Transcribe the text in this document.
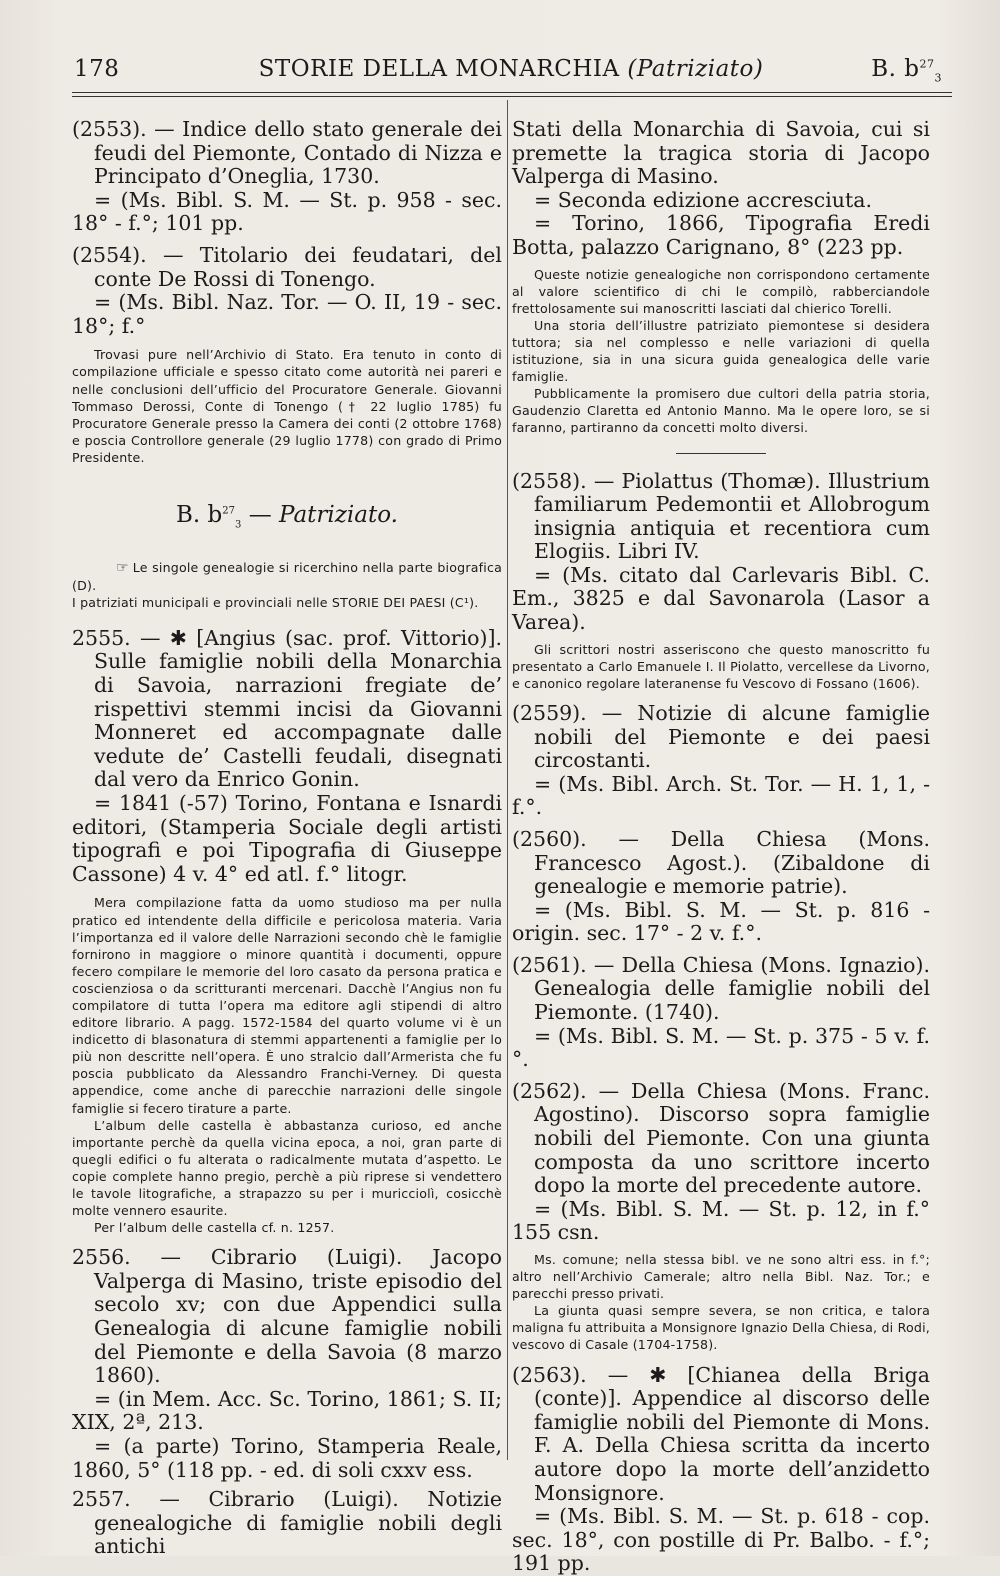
178	STORIE DELLA MONARCHIA (Patriziato)	B. $b^{27}_3$

(2553). — Indice dello stato generale dei feudi del Piemonte, Contado di Nizza e Principato d’Oneglia, 1730.

= (Ms. Bibl. S. M. — St. p. 958 - sec. 18° - f.°; 101 pp.

(2554). — Titolario dei feudatari, del conte De Rossi di Tonengo.

= (Ms. Bibl. Naz. Tor. — O. II, 19 - sec. 18°; f.°

Trovasi pure nell’Archivio di Stato. Era tenuto in conto di compilazione ufficiale e spesso citato come autorità nei pareri e nelle conclusioni dell’ufficio del Procuratore Generale. Giovanni Tommaso Derossi, Conte di Tonengo († 22 luglio 1785) fu Procuratore Generale presso la Camera dei conti (2 ottobre 1768) e poscia Controllore generale (29 luglio 1778) con grado di Primo Presidente.

B. $b^{27}_3$ — Patriziato.

☞ Le singole genealogie si ricerchino nella parte biografica (D).

I patriziati municipali e provinciali nelle STORIE DEI PAESI (C¹).

2555. — ✱ [Angius (sac. prof. Vittorio)]. Sulle famiglie nobili della Monarchia di Savoia, narrazioni fregiate de’ rispettivi stemmi incisi da Giovanni Monneret ed accompagnate dalle vedute de’ Castelli feudali, disegnati dal vero da Enrico Gonin.

= 1841 (-57) Torino, Fontana e Isnardi editori, (Stamperia Sociale degli artisti tipografi e poi Tipografia di Giuseppe Cassone) 4 v. 4° ed atl. f.° litogr.

Mera compilazione fatta da uomo studioso ma per nulla pratico ed intendente della difficile e pericolosa materia. Varia l’importanza ed il valore delle Narrazioni secondo chè le famiglie fornirono in maggiore o minore quantità i documenti, oppure fecero compilare le memorie del loro casato da persona pratica e coscienziosa o da scritturanti mercenari. Dacchè l’Angius non fu compilatore di tutta l’opera ma editore agli stipendi di altro editore librario. A pagg. 1572-1584 del quarto volume vi è un indicetto di blasonatura di stemmi appartenenti a famiglie per lo più non descritte nell’opera. È uno stralcio dall’Armerista che fu poscia pubblicato da Alessandro Franchi-Verney. Di questa appendice, come anche di parecchie narrazioni delle singole famiglie si fecero tirature a parte.

L’album delle castella è abbastanza curioso, ed anche importante perchè da quella vicina epoca, a noi, gran parte di quegli edifici o fu alterata o radicalmente mutata d’aspetto. Le copie complete hanno pregio, perchè a più riprese si vendettero le tavole litografiche, a strapazzo su per i muricciolì, cosicchè molte vennero esaurite.

Per l’album delle castella cf. n. 1257.

2556. — Cibrario (Luigi). Jacopo Valperga di Masino, triste episodio del secolo xv; con due Appendici sulla Genealogia di alcune famiglie nobili del Piemonte e della Savoia (8 marzo 1860).

= (in Mem. Acc. Sc. Torino, 1861; S. II; XIX, 2ª, 213.

= (a parte) Torino, Stamperia Reale, 1860, 5° (118 pp. - ed. di soli cxxv ess.

2557. — Cibrario (Luigi). Notizie genealogiche di famiglie nobili degli antichi

Stati della Monarchia di Savoia, cui si premette la tragica storia di Jacopo Valperga di Masino.

= Seconda edizione accresciuta.

= Torino, 1866, Tipografia Eredi Botta, palazzo Carignano, 8° (223 pp.

Queste notizie genealogiche non corrispondono certamente al valore scientifico di chi le compilò, rabberciandole frettolosamente sui manoscritti lasciati dal chierico Torelli.

Una storia dell’illustre patriziato piemontese si desidera tuttora; sia nel complesso e nelle variazioni di quella istituzione, sia in una sicura guida genealogica delle varie famiglie.

Pubblicamente la promisero due cultori della patria storia, Gaudenzio Claretta ed Antonio Manno. Ma le opere loro, se si faranno, partiranno da concetti molto diversi.

(2558). — Piolattus (Thomæ). Illustrium familiarum Pedemontii et Allobrogum insignia antiquia et recentiora cum Elogiis. Libri IV.

= (Ms. citato dal Carlevaris Bibl. C. Em., 3825 e dal Savonarola (Lasor a Varea).

Gli scrittori nostri asseriscono che questo manoscritto fu presentato a Carlo Emanuele I. Il Piolatto, vercellese da Livorno, e canonico regolare lateranense fu Vescovo di Fossano (1606).

(2559). — Notizie di alcune famiglie nobili del Piemonte e dei paesi circostanti.

= (Ms. Bibl. Arch. St. Tor. — H. 1, 1, - f.°.

(2560). — Della Chiesa (Mons. Francesco Agost.). (Zibaldone di genealogie e memorie patrie).

= (Ms. Bibl. S. M. — St. p. 816 - origin. sec. 17° - 2 v. f.°.

(2561). — Della Chiesa (Mons. Ignazio). Genealogia delle famiglie nobili del Piemonte. (1740).

= (Ms. Bibl. S. M. — St. p. 375 - 5 v. f.°.

(2562). — Della Chiesa (Mons. Franc. Agostino). Discorso sopra famiglie nobili del Piemonte. Con una giunta composta da uno scrittore incerto dopo la morte del precedente autore.

= (Ms. Bibl. S. M. — St. p. 12, in f.° 155 csn.

Ms. comune; nella stessa bibl. ve ne sono altri ess. in f.°; altro nell’Archivio Camerale; altro nella Bibl. Naz. Tor.; e parecchi presso privati.

La giunta quasi sempre severa, se non critica, e talora maligna fu attribuita a Monsignore Ignazio Della Chiesa, di Rodi, vescovo di Casale (1704-1758).

(2563). — ✱ [Chianea della Briga (conte)]. Appendice al discorso delle famiglie nobili del Piemonte di Mons. F. A. Della Chiesa scritta da incerto autore dopo la morte dell’anzidetto Monsignore.

= (Ms. Bibl. S. M. — St. p. 618 - cop. sec. 18°, con postille di Pr. Balbo. - f.°; 191 pp.
